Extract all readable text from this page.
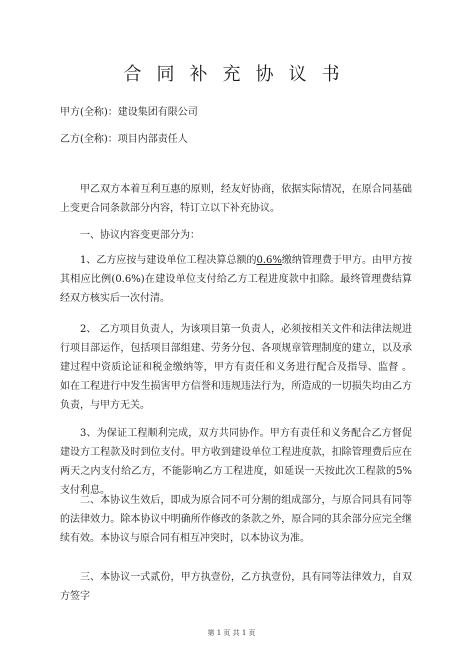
合同补充协议书
甲方(全称)：建设集团有限公司
乙方(全称)：项目内部责任人
甲乙双方本着互利互惠的原则，经友好协商，依据实际情况，在原合同基础上变更合同条款部分内容，特订立以下补充协议。
一、协议内容变更部分为：
1、乙方应按与建设单位工程决算总额的0.6%缴纳管理费于甲方。由甲方按其相应比例(0.6%)在建设单位支付给乙方工程进度款中扣除。最终管理费结算经双方核实后一次付清。
2、 乙方项目负责人，为该项目第一负责人，必须按相关文件和法律法规进行项目部运作，包括项目部组建、劳务分包、各项规章管理制度的建立，以及承建过程中资质论证和税金缴纳等，甲方有责任和义务进行配合及指导、监督 。如在工程进行中发生损害甲方信誉和违规违法行为，所造成的一切损失均由乙方负责，与甲方无关。
3、为保证工程顺利完成，双方共同协作。甲方有责任和义务配合乙方督促建设方工程款及时到位支付。甲方收到建设单位工程进度款，扣除管理费后应在两天之内支付给乙方，不能影响乙方工程进度，如延误一天按此次工程款的5%支付利息。
二、本协议生效后，即成为原合同不可分割的组成部分，与原合同具有同等的法律效力。除本协议中明确所作修改的条款之外，原合同的其余部分应完全继续有效。本协议与原合同有相互冲突时，以本协议为准。
三、本协议一式贰份，甲方执壹份，乙方执壹份，具有同等法律效力，自双方签字
第 1 页 共 1 页
